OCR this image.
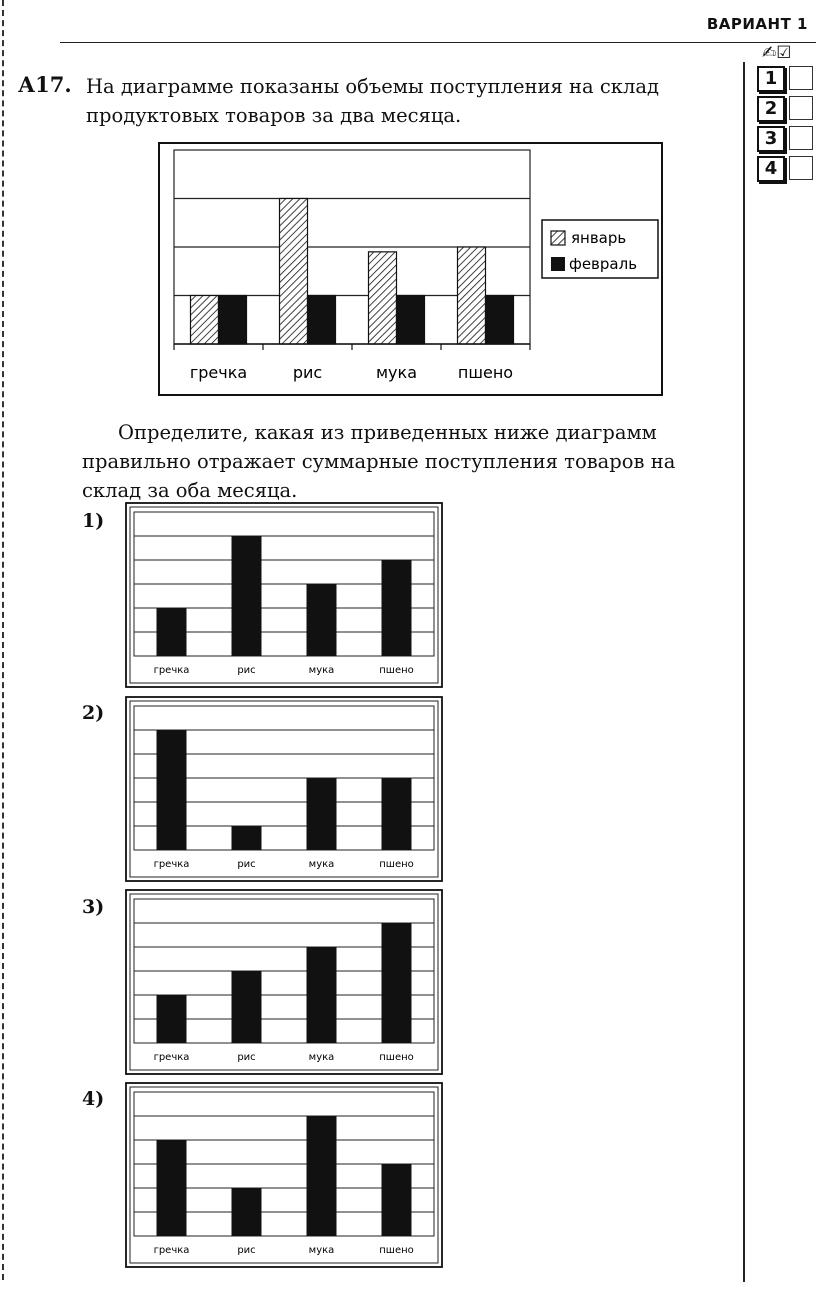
ВАРИАНТ 1
✍☑
1
2
3
4
А17. На диаграмме показаны объемы поступления на склад
продуктовых товаров за два месяца.
гречка	рис	мука	пшено
январь
февраль
Определите, какая из приведенных ниже диаграмм
правильно отражает суммарные поступления товаров на
склад за оба месяца.
1)
2)
3)
4)
гречка	рис	мука	пшено
гречка	рис	мука	пшено
гречка	рис	мука	пшено
гречка	рис	мука	пшено
